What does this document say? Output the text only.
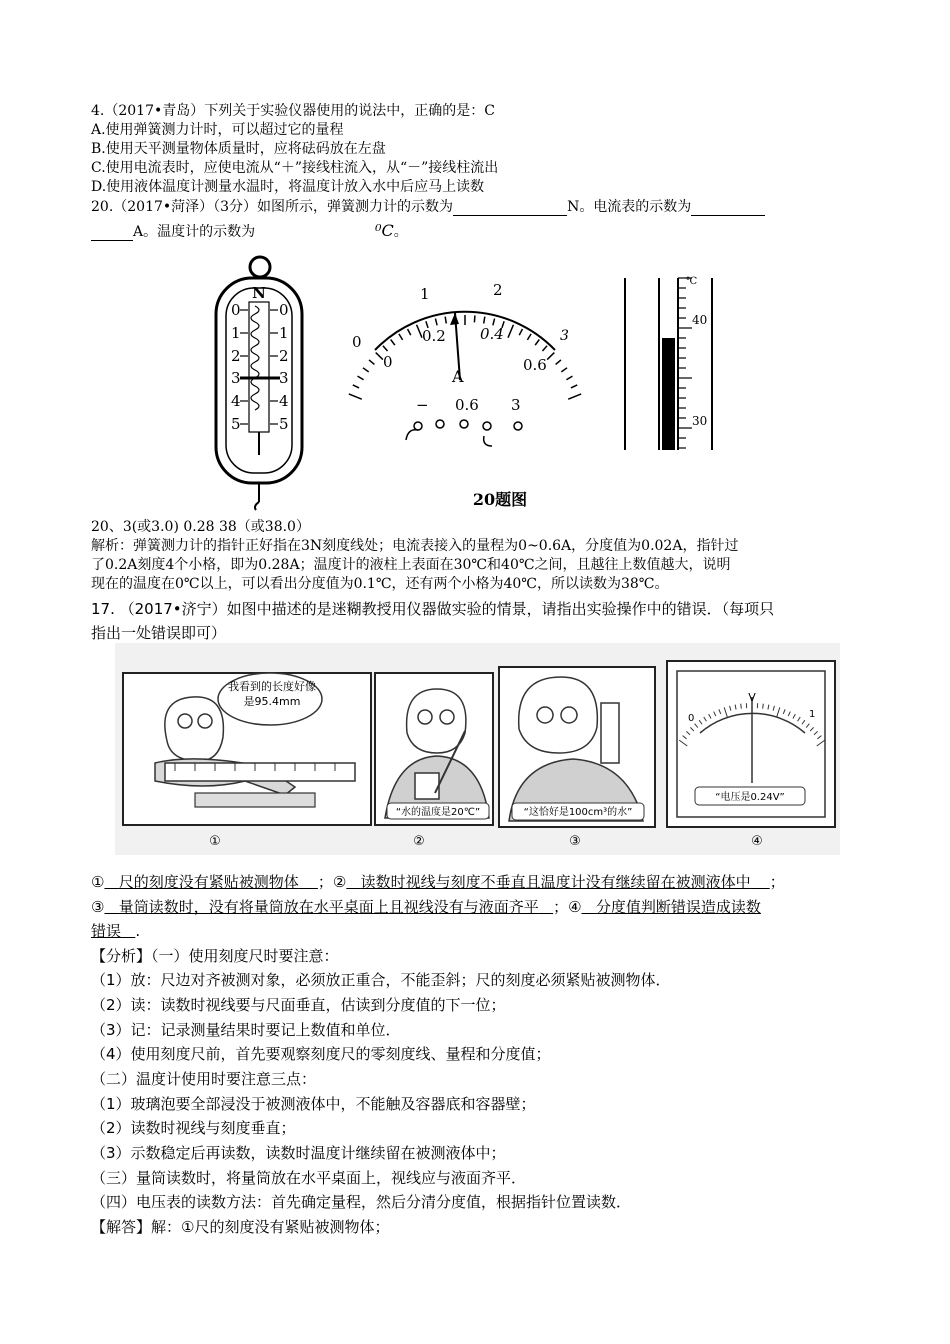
4.（2017•青岛）下列关于实验仪器使用的说法中，正确的是：C
A.使用弹簧测力计时，可以超过它的量程
B.使用天平测量物体质量时，应将砝码放在左盘
C.使用电流表时，应使电流从“＋”接线柱流入，从“－”接线柱流出
D.使用液体温度计测量水温时，将温度计放入水中后应马上读数
20.（2017•菏泽）（3分）如图所示，弹簧测力计的示数为	N。电流表的示数为
A。温度计的示数为	⁰C。
N
0
1
2
3
4
5
0
1
2
3
4
5
0
0.2 0.4
0.6
0
1	2
3
A
− 0.6 3
℃
40
30
20题图
20、3(或3.0) 0.28 38（或38.0）
解析：弹簧测力计的指针正好指在3N刻度线处；电流表接入的量程为0~0.6A，分度值为0.02A，指针过
了0.2A刻度4个小格，即为0.28A；温度计的液柱上表面在30℃和40℃之间，且越往上数值越大，说明
现在的温度在0℃以上，可以看出分度值为0.1℃，还有两个小格为40℃，所以读数为38℃。
17. （2017•济宁）如图中描述的是迷糊教授用仪器做实验的情景，请指出实验操作中的错误．（每项只
指出一处错误即可）
我看到的长度好像是95.4mm
“水的温度是20℃”	“这恰好是100cm³的水”
V
0	1
“电压是0.24V”
①	②	③	④
① 尺的刻度没有紧贴被测物体 ；② 读数时视线与刻度不垂直且温度计没有继续留在被测液体中 ；
③ 量筒读数时，没有将量筒放在水平桌面上且视线没有与液面齐平 ；④ 分度值判断错误造成读数
错误 .
【分析】（一）使用刻度尺时要注意：
（1）放：尺边对齐被测对象，必须放正重合，不能歪斜；尺的刻度必须紧贴被测物体．
（2）读：读数时视线要与尺面垂直，估读到分度值的下一位；
（3）记：记录测量结果时要记上数值和单位．
（4）使用刻度尺前，首先要观察刻度尺的零刻度线、量程和分度值；
（二）温度计使用时要注意三点：
（1）玻璃泡要全部浸没于被测液体中，不能触及容器底和容器壁；
（2）读数时视线与刻度垂直；
（3）示数稳定后再读数，读数时温度计继续留在被测液体中；
（三）量筒读数时，将量筒放在水平桌面上，视线应与液面齐平．
（四）电压表的读数方法：首先确定量程，然后分清分度值，根据指针位置读数．
【解答】解：①尺的刻度没有紧贴被测物体；
